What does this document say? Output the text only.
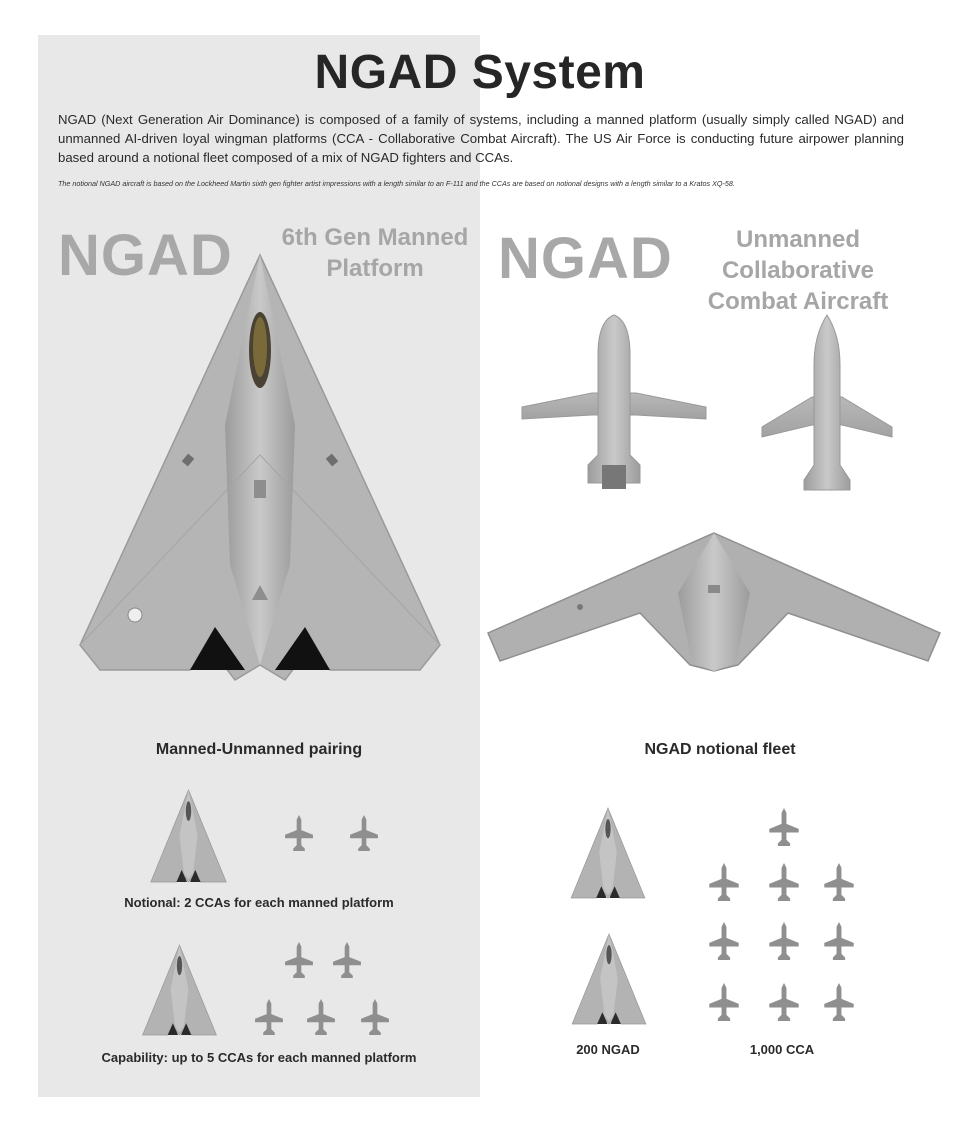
NGAD System
NGAD (Next Generation Air Dominance) is composed of a family of systems, including a manned platform (usually simply called NGAD) and unmanned AI-driven loyal wingman platforms (CCA - Collaborative Combat Aircraft). The US Air Force is conducting future airpower planning based around a notional fleet composed of a mix of NGAD fighters and CCAs.
The notional NGAD aircraft is based on the Lockheed Martin sixth gen fighter artist impressions with a length similar to an F-111 and the CCAs are based on notional designs with a length similar to a Kratos XQ-58.
NGAD	6th Gen Manned
Platform	NGAD	Unmanned Collaborative
Combat Aircraft
Manned-Unmanned pairing	NGAD notional fleet
Notional: 2 CCAs for each manned platform
Capability: up to 5 CCAs for each manned platform
200 NGAD	1,000 CCA
